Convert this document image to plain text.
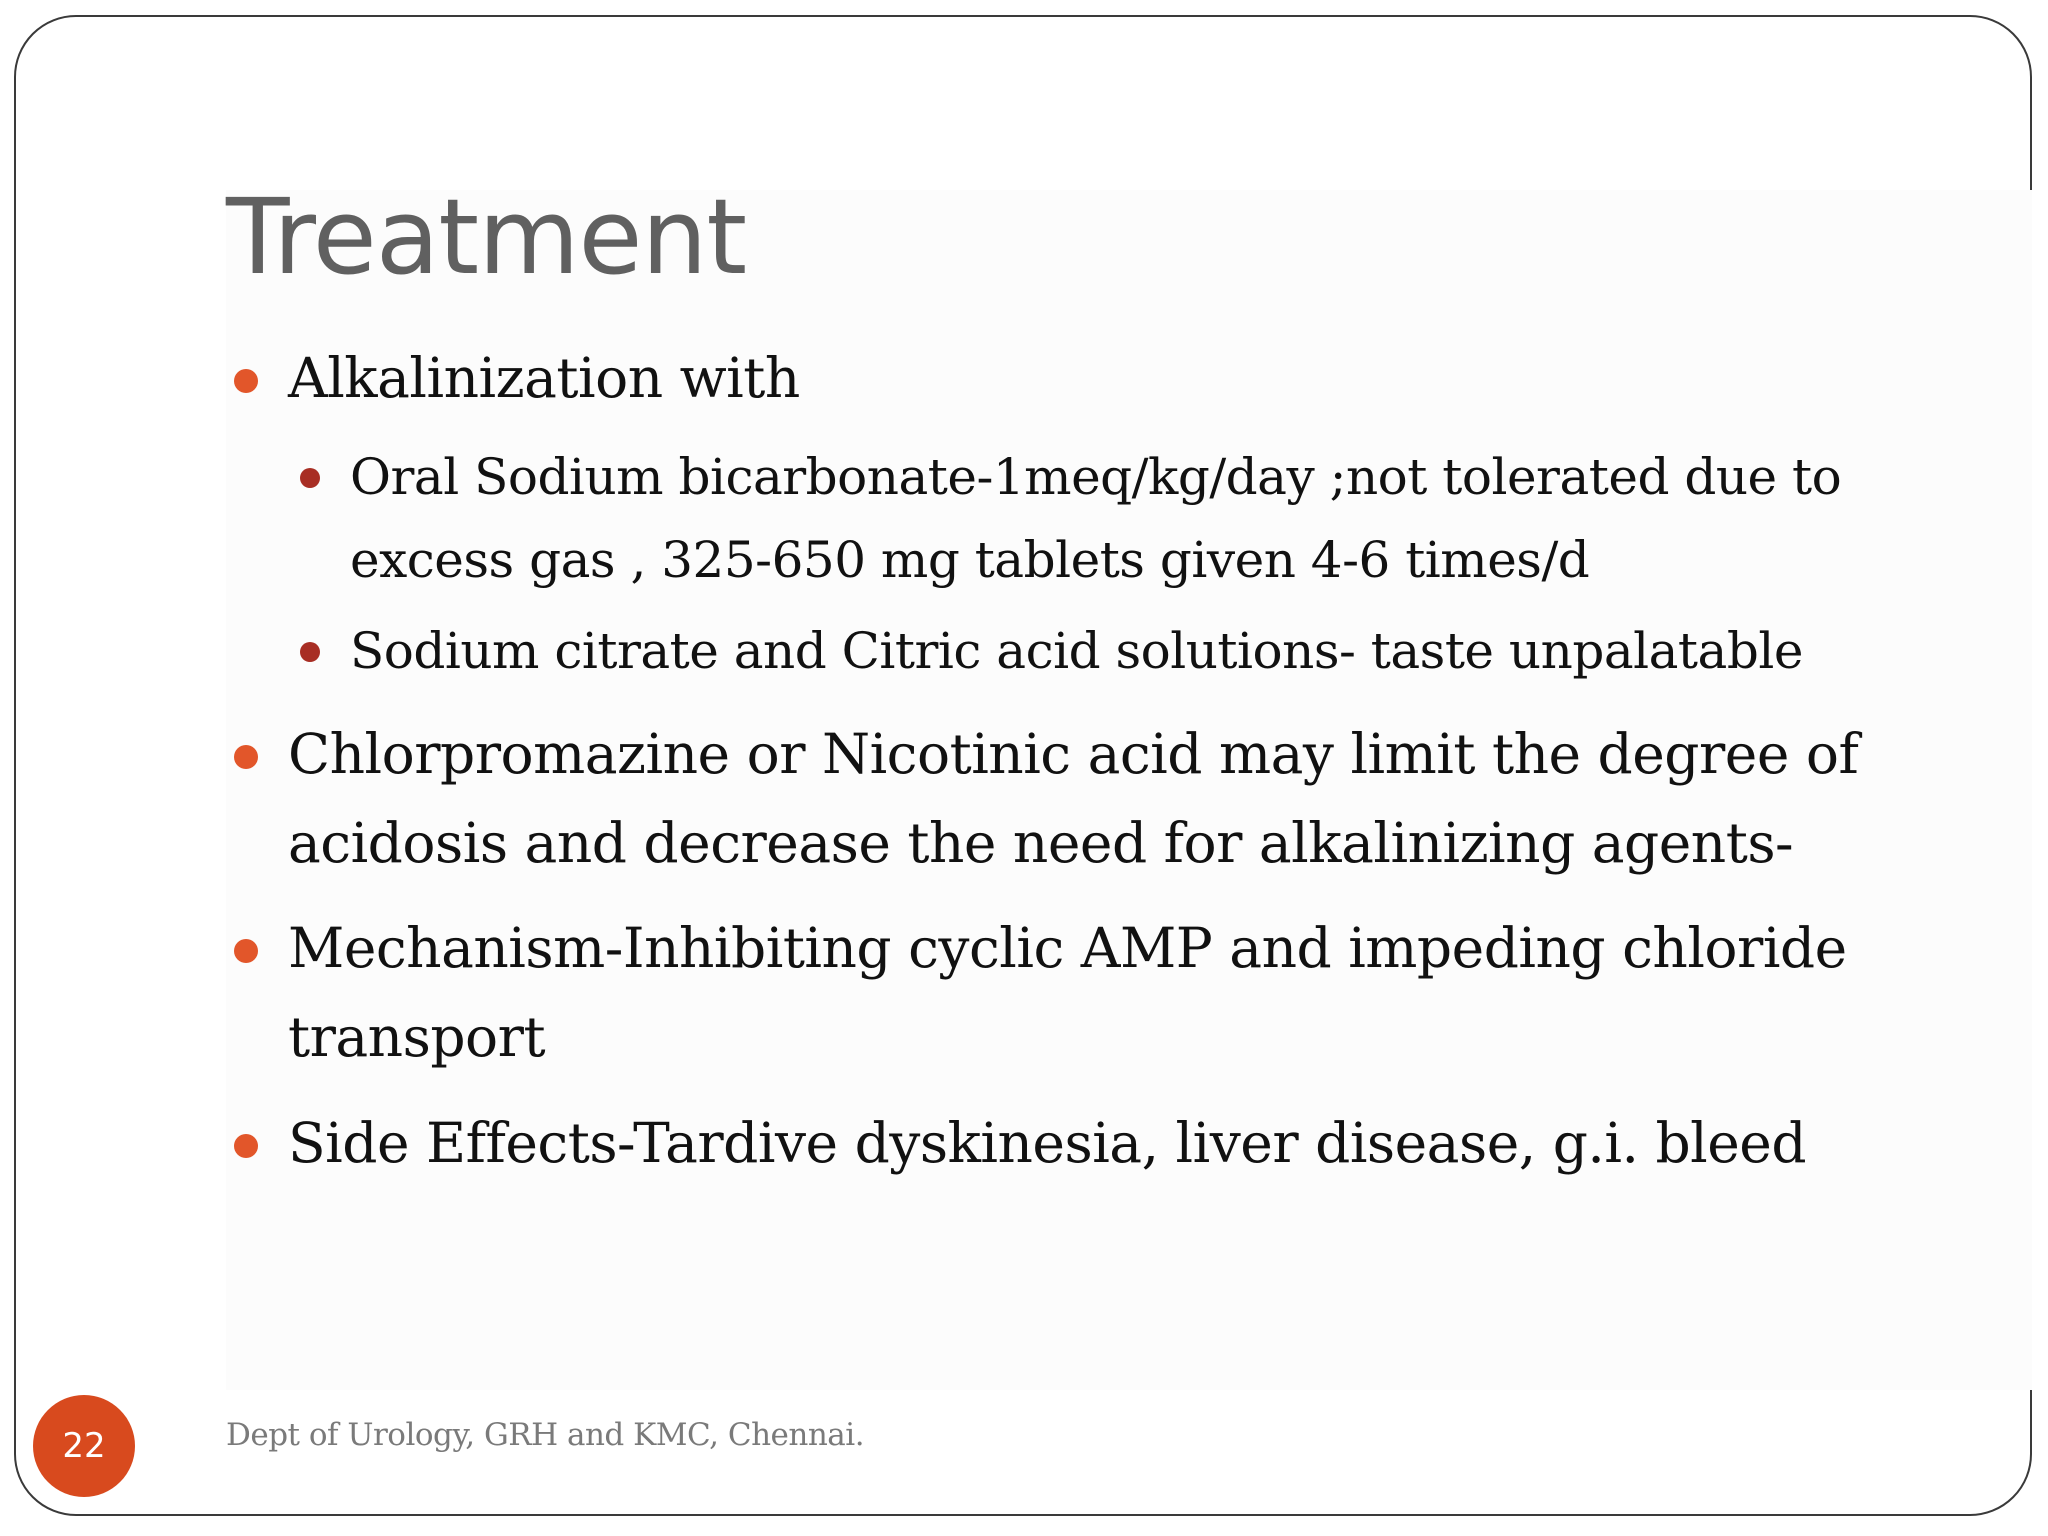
Treatment
Alkalinization with
Oral Sodium bicarbonate-1meq/kg/day ;not tolerated due to excess gas , 325-650 mg tablets given 4-6 times/d
Sodium citrate and Citric acid solutions- taste unpalatable
Chlorpromazine or Nicotinic acid may limit the degree of acidosis and decrease the need for alkalinizing agents-
Mechanism-Inhibiting cyclic AMP and impeding chloride transport
Side Effects-Tardive dyskinesia, liver disease, g.i. bleed
22	Dept of Urology, GRH and KMC, Chennai.
